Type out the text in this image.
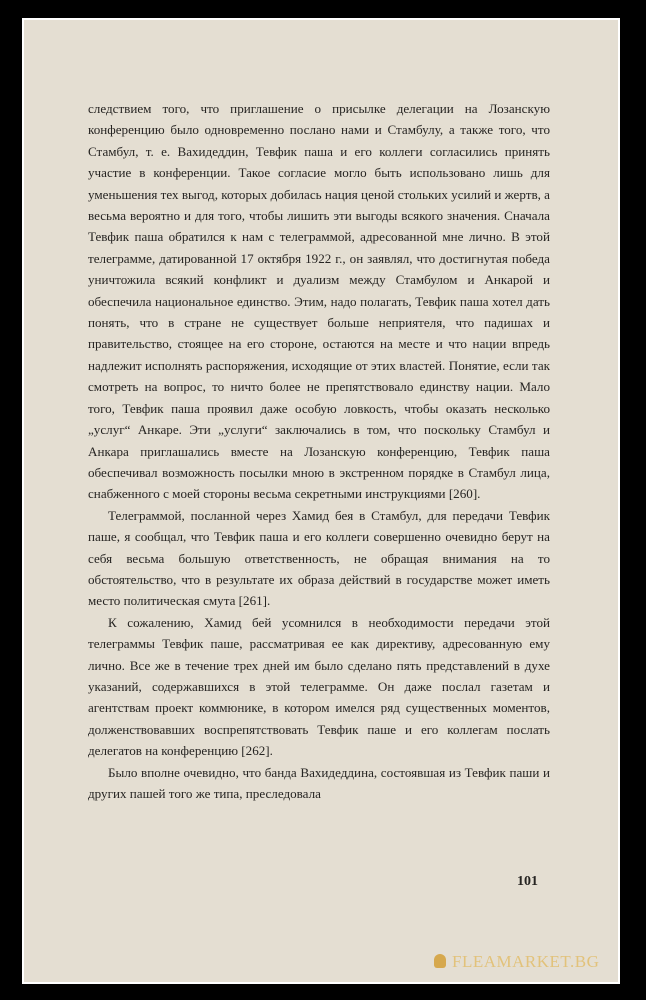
следствием того, что приглашение о присылке делегации на Лозанскую конференцию было одновременно послано нами и Стамбулу, а также того, что Стамбул, т. е. Вахидеддин, Тевфик паша и его коллеги согласились принять участие в конференции. Такое согласие могло быть использовано лишь для уменьшения тех выгод, которых добилась нация ценой стольких усилий и жертв, а весьма вероятно и для того, чтобы лишить эти выгоды всякого значения. Сначала Тевфик паша обратился к нам с телеграммой, адресованной мне лично. В этой телеграмме, датированной 17 октября 1922 г., он заявлял, что достигнутая победа уничтожила всякий конфликт и дуализм между Стамбулом и Анкарой и обеспечила национальное единство. Этим, надо полагать, Тевфик паша хотел дать понять, что в стране не существует больше неприятеля, что падишах и правительство, стоящее на его стороне, остаются на месте и что нации впредь надлежит исполнять распоряжения, исходящие от этих властей. Понятие, если так смотреть на вопрос, то ничто более не препятствовало единству нации. Мало того, Тевфик паша проявил даже особую ловкость, чтобы оказать несколько „услуг“ Анкаре. Эти „услуги“ заключались в том, что поскольку Стамбул и Анкара приглашались вместе на Лозанскую конференцию, Тевфик паша обеспечивал возможность посылки мною в экстренном порядке в Стамбул лица, снабженного с моей стороны весьма секретными инструкциями [260].

Телеграммой, посланной через Хамид бея в Стамбул, для передачи Тевфик паше, я сообщал, что Тевфик паша и его коллеги совершенно очевидно берут на себя весьма большую ответственность, не обращая внимания на то обстоятельство, что в результате их образа действий в государстве может иметь место политическая смута [261].

К сожалению, Хамид бей усомнился в необходимости передачи этой телеграммы Тевфик паше, рассматривая ее как директиву, адресованную ему лично. Все же в течение трех дней им было сделано пять представлений в духе указаний, содержавшихся в этой телеграмме. Он даже послал газетам и агентствам проект коммюнике, в котором имелся ряд существенных моментов, долженствовавших воспрепятствовать Тевфик паше и его коллегам послать делегатов на конференцию [262].

Было вполне очевидно, что банда Вахидеддина, состоявшая из Тевфик паши и других пашей того же типа, преследовала

101
FLEAMARKET.BG
